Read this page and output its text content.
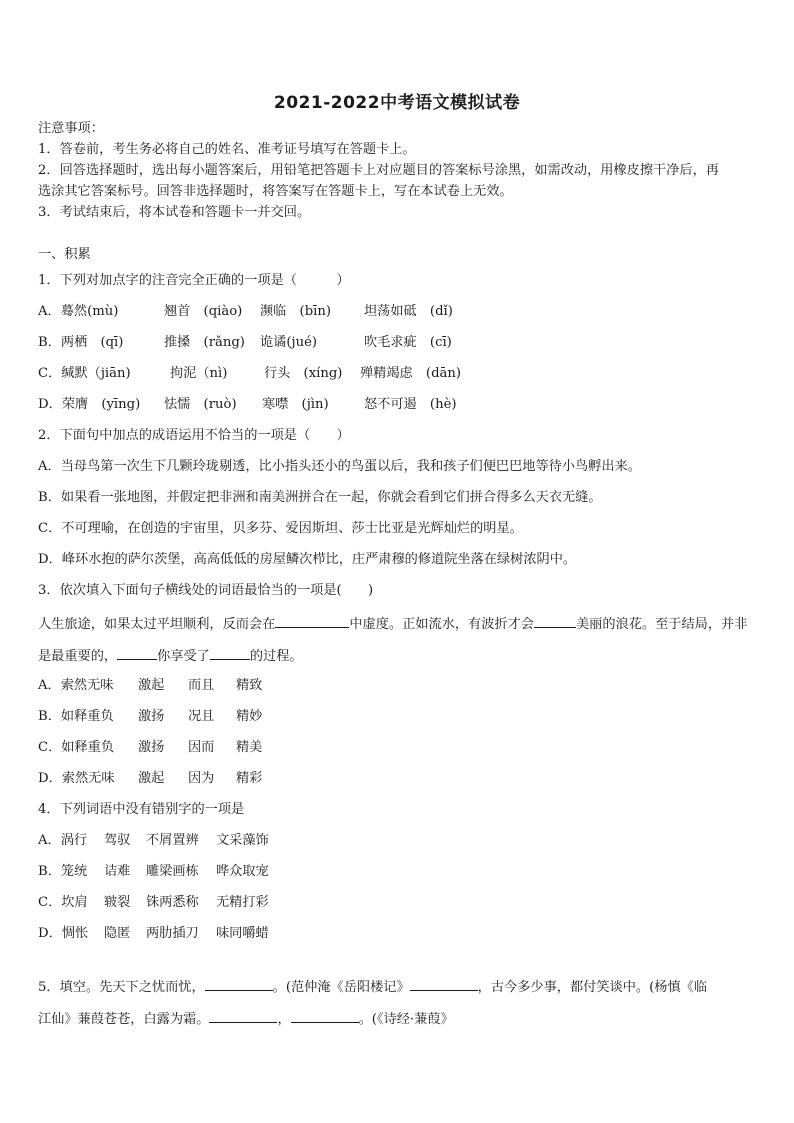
2021-2022中考语文模拟试卷
注意事项：
1．答卷前，考生务必将自己的姓名、准考证号填写在答题卡上。
2．回答选择题时，选出每小题答案后，用铅笔把答题卡上对应题目的答案标号涂黑，如需改动，用橡皮擦干净后，再
选涂其它答案标号。回答非选择题时，将答案写在答题卡上，写在本试卷上无效。
3．考试结束后，将本试卷和答题卡一并交回。
一、积累
1．下列对加点字的注音完全正确的一项是（　　　）
A．蓦然(mù)	翘首　(qiào) 濒临　(bīn) 坦荡如砥　(dǐ)
B．两栖　(qī)	推搡　(rǎng) 诡谲(jué)	吹毛求疵　(cī)
C．缄默（jiān)	拘泥（nì)	行头　(xíng) 殚精竭虑　(dān)
D．荣膺　(yīng) 怯懦　(ruò) 寒噤　(jìn)	怒不可遏　(hè)
2．下面句中加点的成语运用不恰当的一项是（　　）
A．当母鸟第一次生下几颗玲珑剔透，比小指头还小的鸟蛋以后，我和孩子们便巴巴地等待小鸟孵出来。
B．如果看一张地图，并假定把非洲和南美洲拼合在一起，你就会看到它们拼合得多么天衣无缝。
C．不可理喻，在创造的宇宙里，贝多芬、爱因斯坦、莎士比亚是光辉灿烂的明星。
D．峰环水抱的萨尔茨堡，高高低低的房屋鳞次栉比，庄严肃穆的修道院坐落在绿树浓阴中。
3．依次填入下面句子横线处的词语最恰当的一项是(　　)
人生旅途，如果太过平坦顺利，反而会在	中虚度。正如流水，有波折才会	美丽的浪花。至于结局，并非
是最重要的，	你享受了	的过程。
A．索然无味 激起 而且 精致
B．如释重负 激扬 况且 精妙
C．如释重负 激扬 因而 精美
D．索然无味 激起 因为 精彩
4．下列词语中没有错别字的一项是
A．涡行 驾驭 不屑置辨 文采藻饰
B．笼统 诘难 雕梁画栋 哗众取宠
C．坎肩 皲裂 铢两悉称 无精打彩
D．惆怅 隐匿 两肋插刀 味同嚼蜡
5．填空。先天下之忧而忧，	。(范仲淹《岳阳楼记》	，古今多少事，都付笑谈中。(杨慎《临
江仙》蒹葭苍苍，白露为霜。	，	。(《诗经·蒹葭》
